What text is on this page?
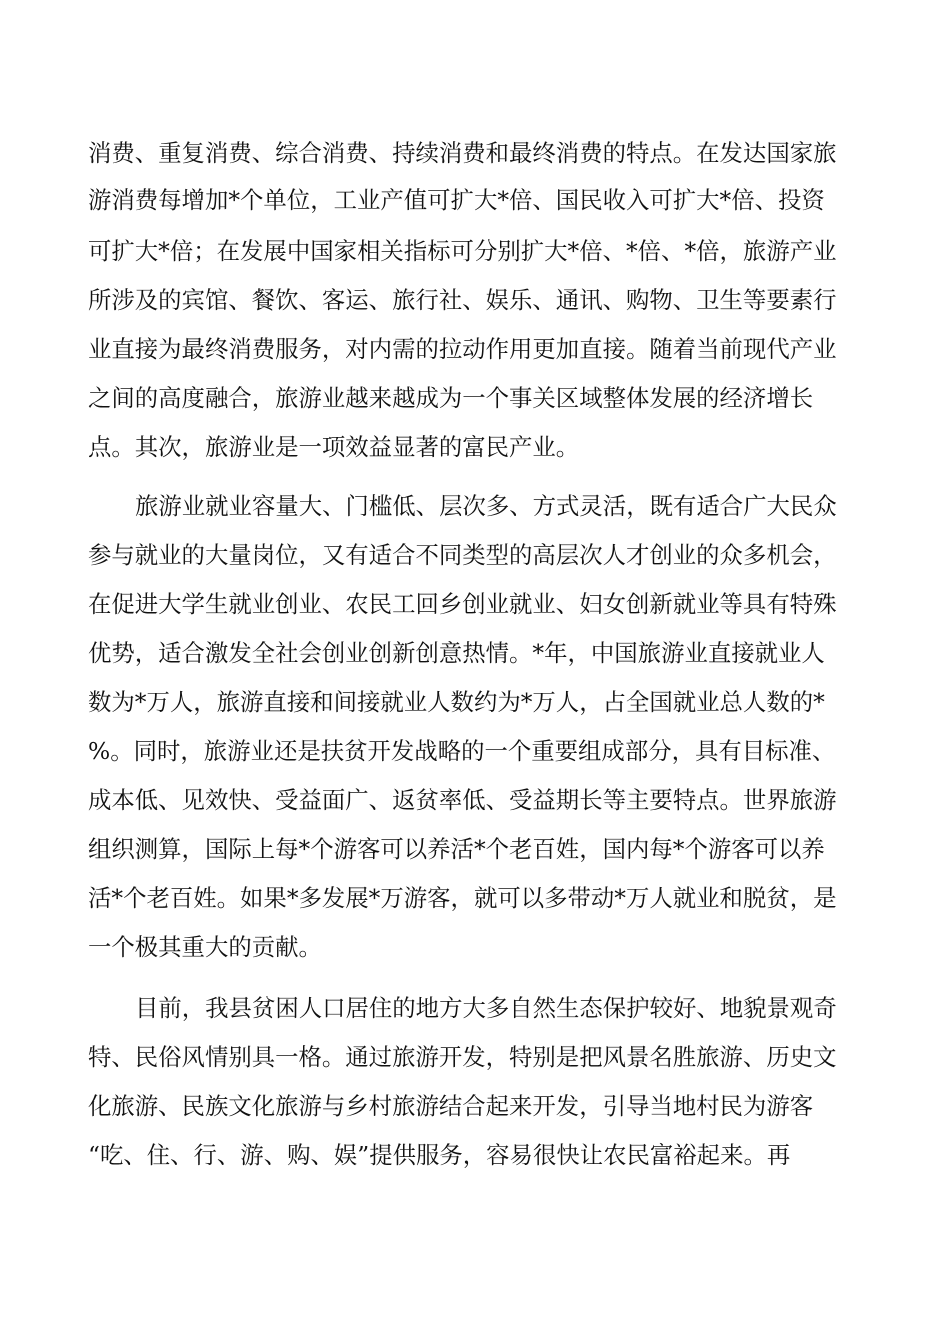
消费、重复消费、综合消费、持续消费和最终消费的特点。在发达国家旅
游消费每增加*个单位，工业产值可扩大*倍、国民收入可扩大*倍、投资
可扩大*倍；在发展中国家相关指标可分别扩大*倍、*倍、*倍，旅游产业
所涉及的宾馆、餐饮、客运、旅行社、娱乐、通讯、购物、卫生等要素行
业直接为最终消费服务，对内需的拉动作用更加直接。随着当前现代产业
之间的高度融合，旅游业越来越成为一个事关区域整体发展的经济增长
点。其次，旅游业是一项效益显著的富民产业。
旅游业就业容量大、门槛低、层次多、方式灵活，既有适合广大民众
参与就业的大量岗位，又有适合不同类型的高层次人才创业的众多机会，
在促进大学生就业创业、农民工回乡创业就业、妇女创新就业等具有特殊
优势，适合激发全社会创业创新创意热情。*年，中国旅游业直接就业人
数为*万人，旅游直接和间接就业人数约为*万人，占全国就业总人数的*
%。同时，旅游业还是扶贫开发战略的一个重要组成部分，具有目标准、
成本低、见效快、受益面广、返贫率低、受益期长等主要特点。世界旅游
组织测算，国际上每*个游客可以养活*个老百姓，国内每*个游客可以养
活*个老百姓。如果*多发展*万游客，就可以多带动*万人就业和脱贫，是
一个极其重大的贡献。
目前，我县贫困人口居住的地方大多自然生态保护较好、地貌景观奇
特、民俗风情别具一格。通过旅游开发，特别是把风景名胜旅游、历史文
化旅游、民族文化旅游与乡村旅游结合起来开发，引导当地村民为游客
“吃、住、行、游、购、娱”提供服务，容易很快让农民富裕起来。再
